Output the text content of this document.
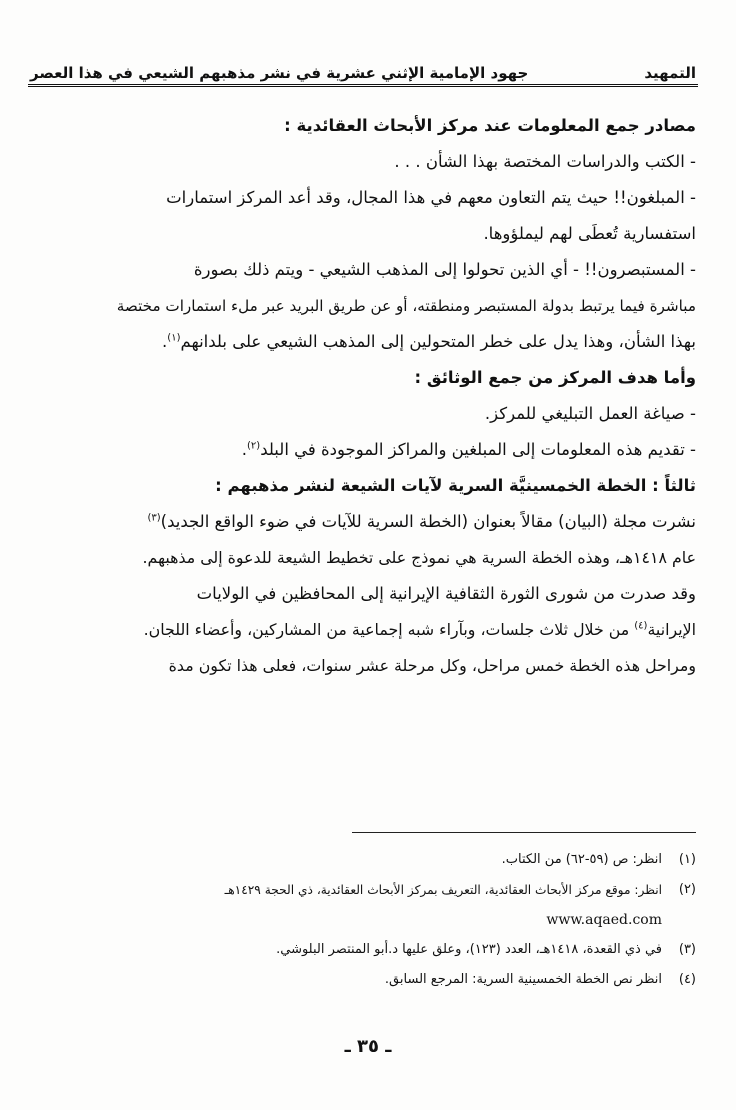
التمهيد
جهود الإمامية الإثني عشرية في نشر مذهبهم الشيعي في هذا العصر
مصادر جمع المعلومات عند مركز الأبحاث العقائدية :
- الكتب والدراسات المختصة بهذا الشأن . . .
- المبلغون!! حيث يتم التعاون معهم في هذا المجال، وقد أعد المركز استمارات
استفسارية تُعطَى لهم ليملؤوها.
- المستبصرون!! - أي الذين تحولوا إلى المذهب الشيعي - ويتم ذلك بصورة
مباشرة فيما يرتبط بدولة المستبصر ومنطقته، أو عن طريق البريد عبر ملء استمارات مختصة
بهذا الشأن، وهذا يدل على خطر المتحولين إلى المذهب الشيعي على بلدانهم$^{(١)}$.
وأما هدف المركز من جمع الوثائق :
- صياغة العمل التبليغي للمركز.
- تقديم هذه المعلومات إلى المبلغين والمراكز الموجودة في البلد$^{(٢)}$.
ثالثاً : الخطة الخمسينيَّة السرية لآيات الشيعة لنشر مذهبهم :
نشرت مجلة (البيان) مقالاً بعنوان (الخطة السرية للآيات في ضوء الواقع الجديد)$^{(٣)}$
عام ١٤١٨هـ، وهذه الخطة السرية هي نموذج على تخطيط الشيعة للدعوة إلى مذهبهم.
وقد صدرت من شورى الثورة الثقافية الإيرانية إلى المحافظين في الولايات
الإيرانية$^{(٤)}$ من خلال ثلاث جلسات، وبآراء شبه إجماعية من المشاركين، وأعضاء اللجان.
ومراحل هذه الخطة خمس مراحل، وكل مرحلة عشر سنوات، فعلى هذا تكون مدة
(١)
انظر: ص (٥٩-٦٢) من الكتاب.
(٢)
انظر: موقع مركز الأبحاث العقائدية، التعريف بمركز الأبحاث العقائدية، ذي الحجة ١٤٢٩هـ
www.aqaed.com
(٣)
في ذي القعدة، ١٤١٨هـ، العدد (١٢٣)، وعلق عليها د.أبو المنتصر البلوشي.
(٤)
انظر نص الخطة الخمسينية السرية: المرجع السابق.
ـ ٣٥ ـ
